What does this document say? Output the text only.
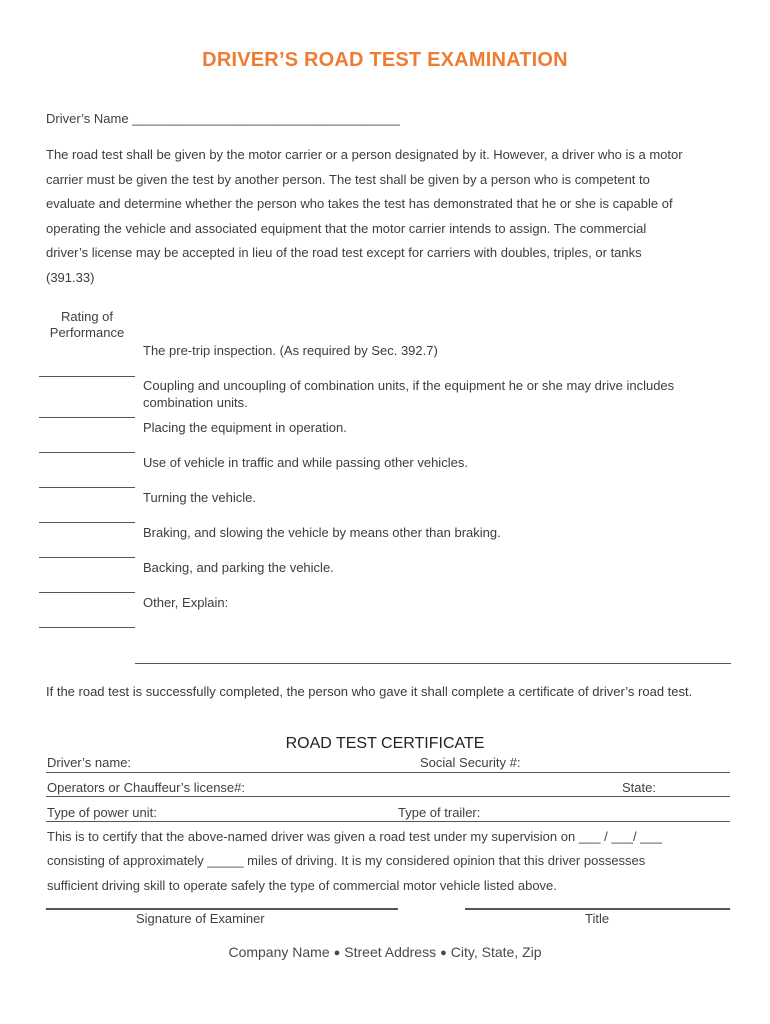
DRIVER’S ROAD TEST EXAMINATION
Driver’s Name _____________________________________
The road test shall be given by the motor carrier or a person designated by it. However, a driver who is a motor
carrier must be given the test by another person. The test shall be given by a person who is competent to
evaluate and determine whether the person who takes the test has demonstrated that he or she is capable of
operating the vehicle and associated equipment that the motor carrier intends to assign. The commercial
driver’s license may be accepted in lieu of the road test except for carriers with doubles, triples, or tanks
(391.33)
Rating of
Performance
The pre-trip inspection. (As required by Sec. 392.7)
Coupling and uncoupling of combination units, if the equipment he or she may drive includes combination units.
Placing the equipment in operation.
Use of vehicle in traffic and while passing other vehicles.
Turning the vehicle.
Braking, and slowing the vehicle by means other than braking.
Backing, and parking the vehicle.
Other, Explain:
If the road test is successfully completed, the person who gave it shall complete a certificate of driver’s road test.
ROAD TEST CERTIFICATE
Driver’s name:	Social Security #:
Operators or Chauffeur’s license#:	State:
Type of power unit:	Type of trailer:
This is to certify that the above-named driver was given a road test under my supervision on ___ / ___/ ___
consisting of approximately _____ miles of driving. It is my considered opinion that this driver possesses
sufficient driving skill to operate safely the type of commercial motor vehicle listed above.
Signature of Examiner	Title
Company Name ● Street Address ● City, State, Zip
